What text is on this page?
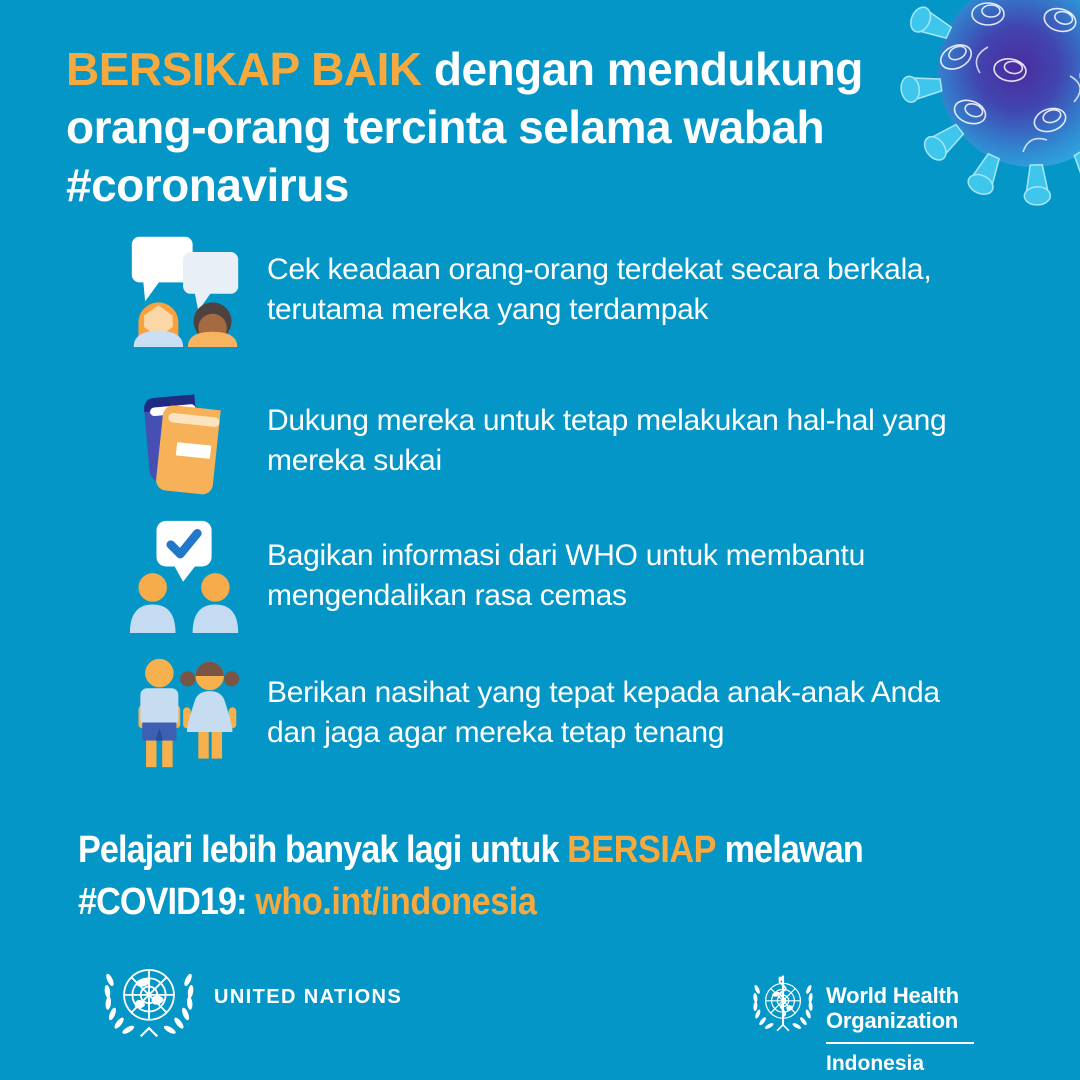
BERSIKAP BAIK dengan mendukung
orang-orang tercinta selama wabah
#coronavirus
Cek keadaan orang-orang terdekat secara berkala,
terutama mereka yang terdampak
Dukung mereka untuk tetap melakukan hal-hal yang
mereka sukai
Bagikan informasi dari WHO untuk membantu
mengendalikan rasa cemas
Berikan nasihat yang tepat kepada anak-anak Anda
dan jaga agar mereka tetap tenang
Pelajari lebih banyak lagi untuk BERSIAP melawan
#COVID19: who.int/indonesia
UNITED NATIONS	World Health
Organization
Indonesia
